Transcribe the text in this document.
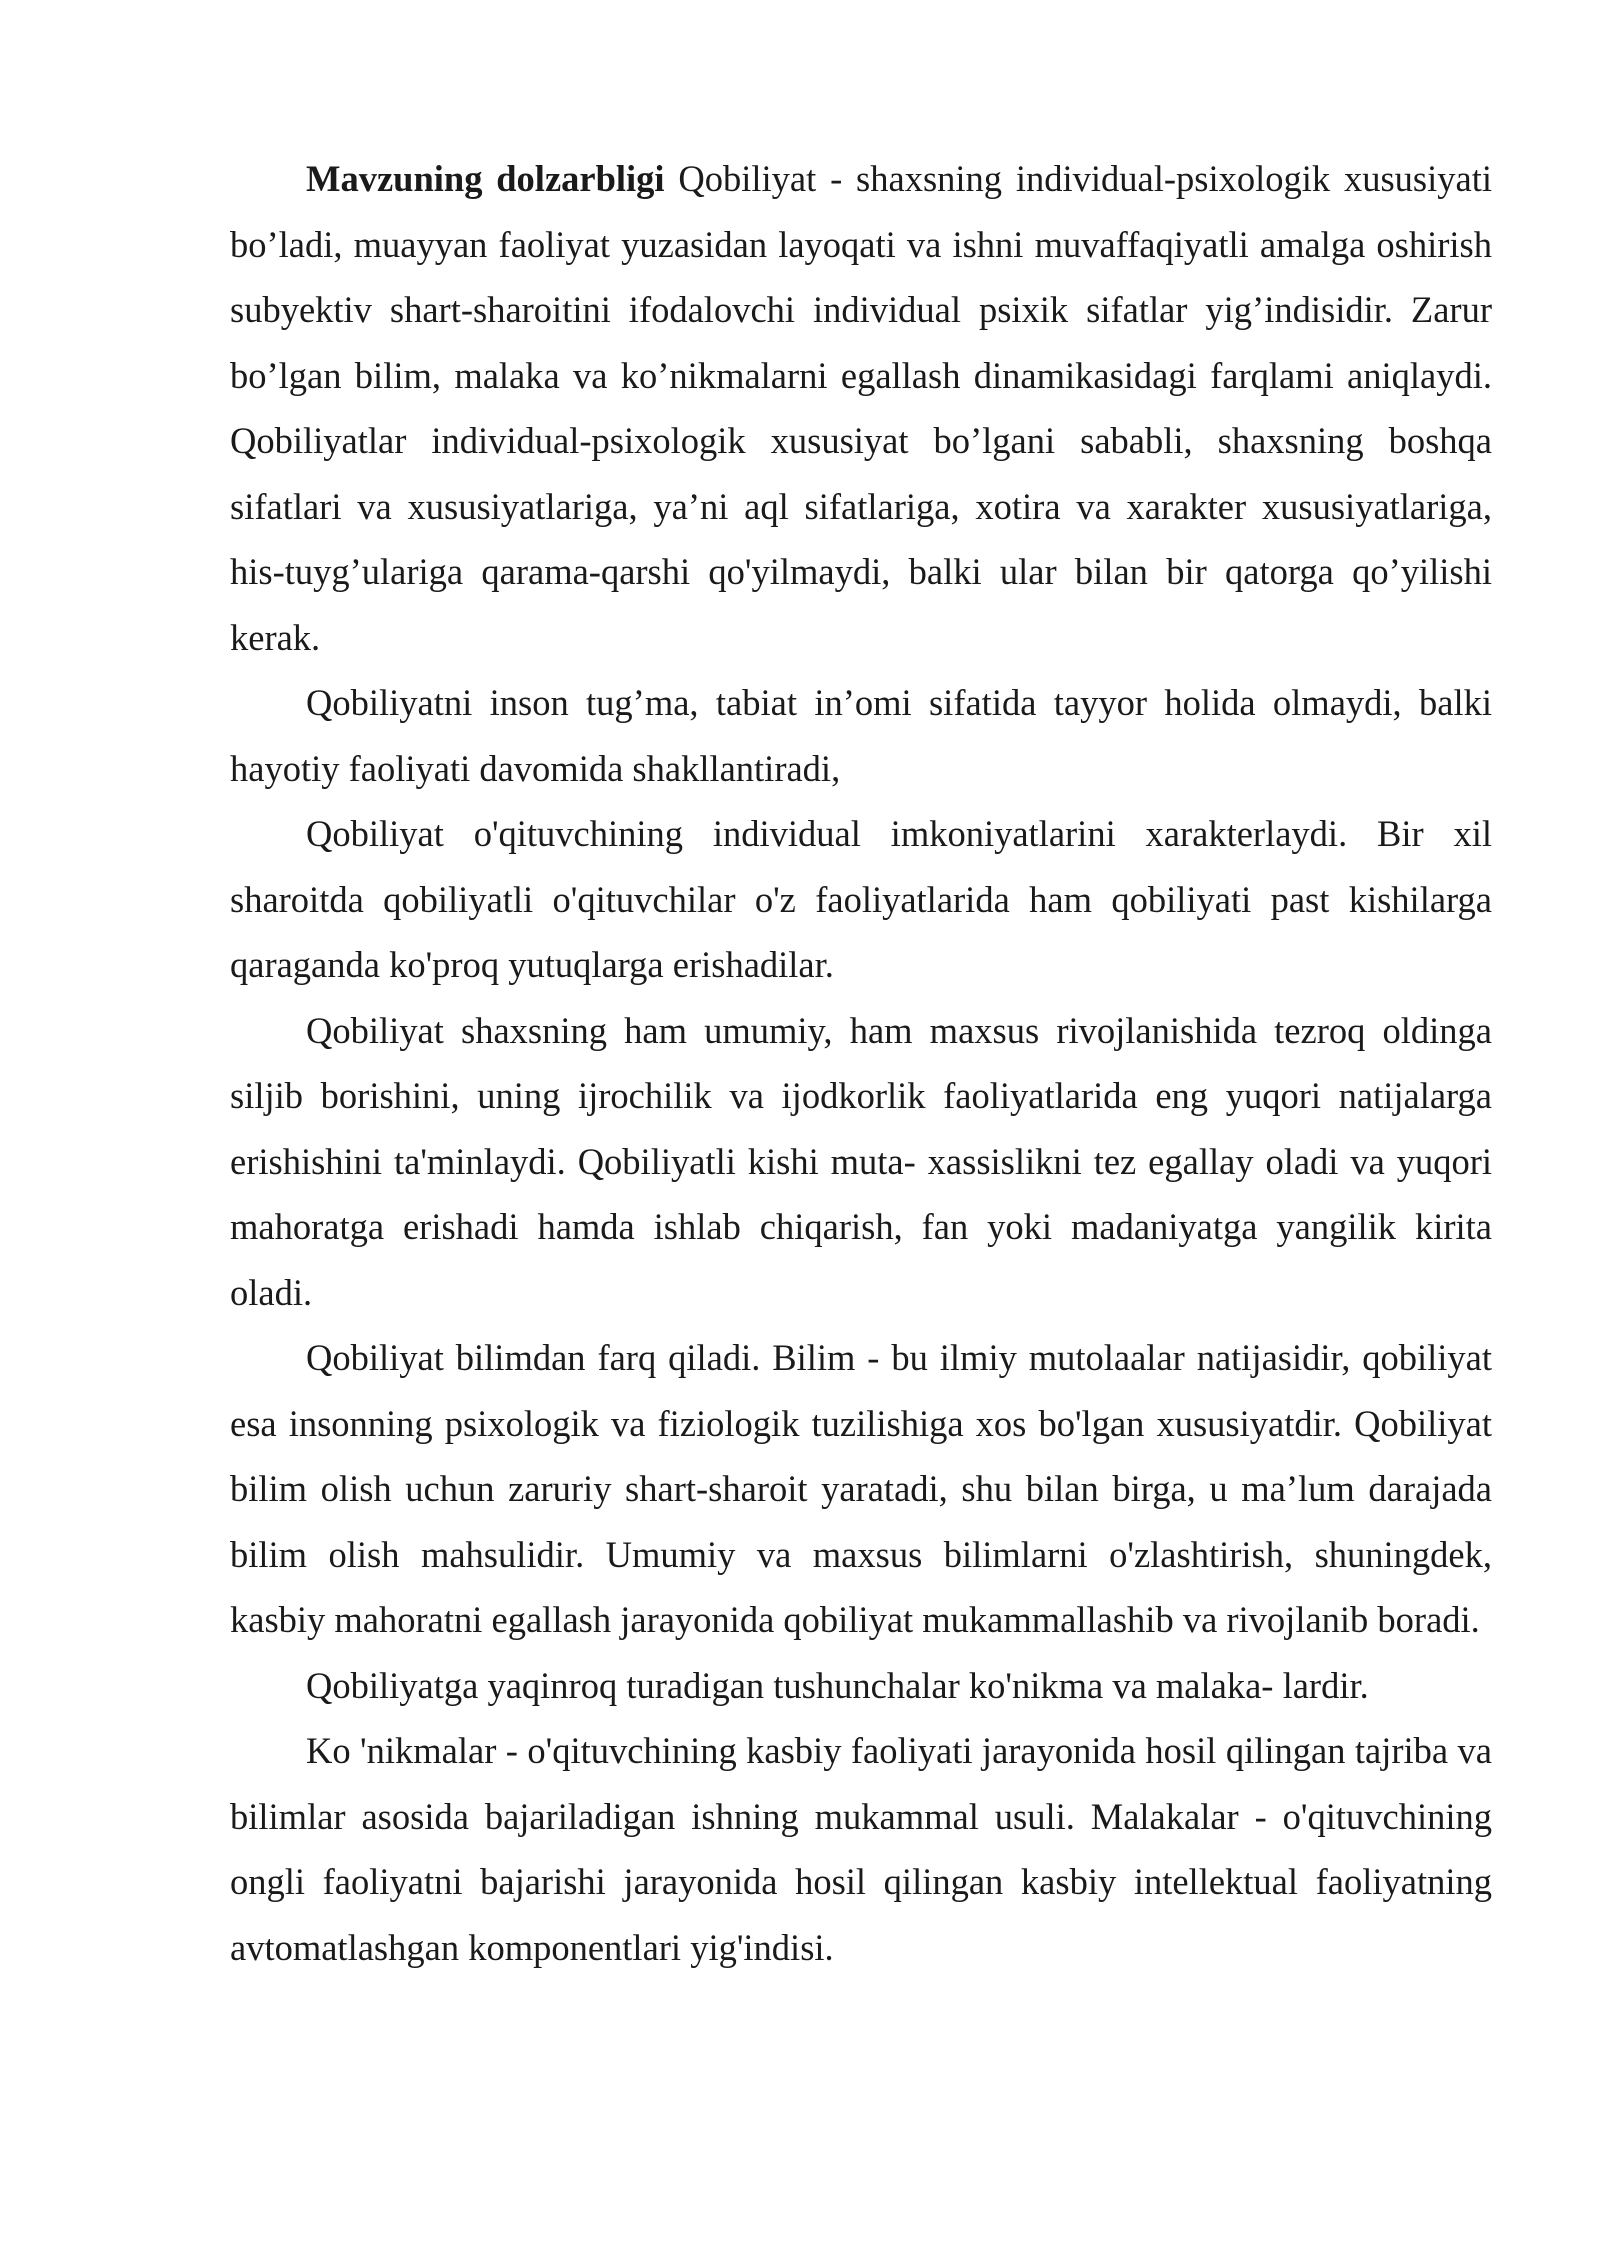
Mavzuning dolzarbligi Qobiliyat - shaxsning individual-psixologik xususiyati bo’ladi, muayyan faoliyat yuzasidan layoqati va ishni muvaffaqiyatli amalga oshirish subyektiv shart-sharoitini ifodalovchi individual psixik sifatlar yig’indisidir. Zarur bo’lgan bilim, malaka va ko’nikmalarni egallash dinamikasidagi farqlami aniqlaydi. Qobiliyatlar individual-psixologik xususiyat bo’lgani sababli, shaxsning boshqa sifatlari va xususiyatlariga, ya’ni aql sifatlariga, xotira va xarakter xususiyatlariga, his-tuyg’ulariga qarama-qarshi qo'yilmaydi, balki ular bilan bir qatorga qo’yilishi kerak.

Qobiliyatni inson tug’ma, tabiat in’omi sifatida tayyor holida olmaydi, balki hayotiy faoliyati davomida shakllantiradi,

Qobiliyat o'qituvchining individual imkoniyatlarini xarakterlaydi. Bir xil sharoitda qobiliyatli o'qituvchilar o'z faoliyatlarida ham qobiliyati past kishilarga qaraganda ko'proq yutuqlarga erishadilar.

Qobiliyat shaxsning ham umumiy, ham maxsus rivojlanishida tezroq oldinga siljib borishini, uning ijrochilik va ijodkorlik faoliyatlarida eng yuqori natijalarga erishishini ta'minlaydi. Qobiliyatli kishi muta- xassislikni tez egallay oladi va yuqori mahoratga erishadi hamda ishlab chiqarish, fan yoki madaniyatga yangilik kirita oladi.

Qobiliyat bilimdan farq qiladi. Bilim - bu ilmiy mutolaalar natijasidir, qobiliyat esa insonning psixologik va fiziologik tuzilishiga xos bo'lgan xususiyatdir. Qobiliyat bilim olish uchun zaruriy shart-sharoit yaratadi, shu bilan birga, u ma’lum darajada bilim olish mahsulidir. Umumiy va maxsus bilimlarni o'zlashtirish, shuningdek, kasbiy mahoratni egallash jarayonida qobiliyat mukammallashib va rivojlanib boradi.

Qobiliyatga yaqinroq turadigan tushunchalar ko'nikma va malaka- lardir.

Ko 'nikmalar - o'qituvchining kasbiy faoliyati jarayonida hosil qilingan tajriba va bilimlar asosida bajariladigan ishning mukammal usuli. Malakalar - o'qituvchining ongli faoliyatni bajarishi jarayonida hosil qilingan kasbiy intellektual faoliyatning avtomatlashgan komponentlari yig'indisi.
